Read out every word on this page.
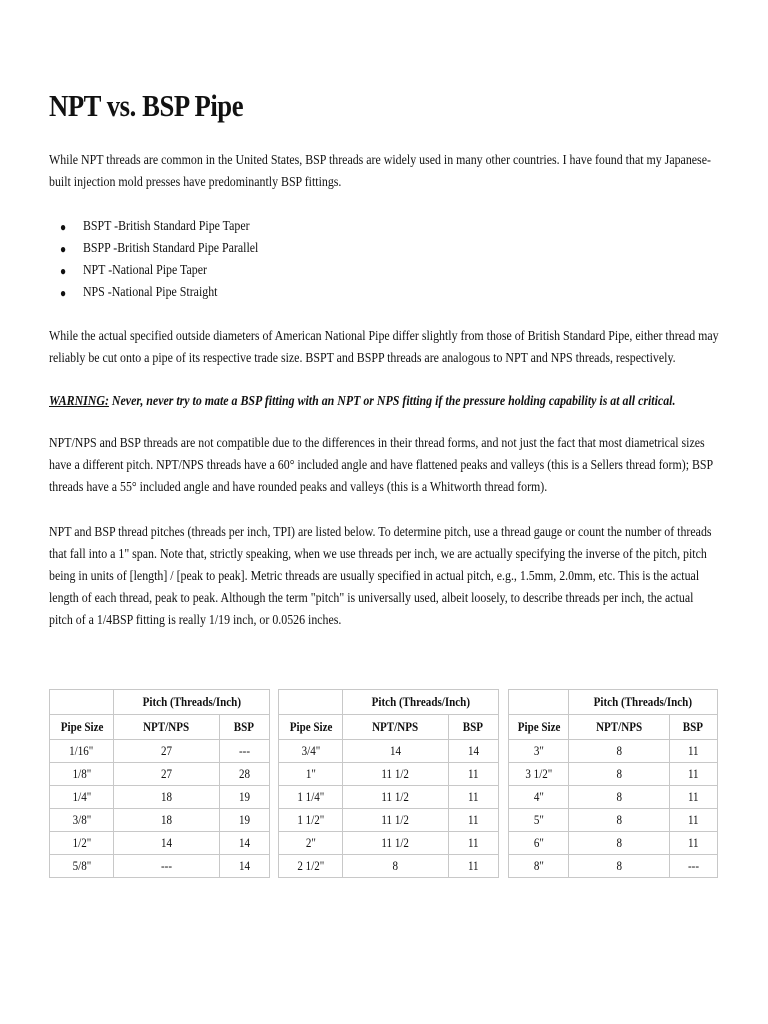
NPT vs. BSP Pipe

While NPT threads are common in the United States, BSP threads are widely used in many other countries. I have found that my Japanese-built injection mold presses have predominantly BSP fittings.

● BSPT -British Standard Pipe Taper
● BSPP -British Standard Pipe Parallel
● NPT -National Pipe Taper
● NPS -National Pipe Straight

While the actual specified outside diameters of American National Pipe differ slightly from those of British Standard Pipe, either thread may reliably be cut onto a pipe of its respective trade size. BSPT and BSPP threads are analogous to NPT and NPS threads, respectively.

WARNING: Never, never try to mate a BSP fitting with an NPT or NPS fitting if the pressure holding capability is at all critical.

NPT/NPS and BSP threads are not compatible due to the differences in their thread forms, and not just the fact that most diametrical sizes have a different pitch. NPT/NPS threads have a 60° included angle and have flattened peaks and valleys (this is a Sellers thread form); BSP threads have a 55° included angle and have rounded peaks and valleys (this is a Whitworth thread form).

NPT and BSP thread pitches (threads per inch, TPI) are listed below. To determine pitch, use a thread gauge or count the number of threads that fall into a 1" span. Note that, strictly speaking, when we use threads per inch, we are actually specifying the inverse of the pitch, pitch being in units of [length] / [peak to peak]. Metric threads are usually specified in actual pitch, e.g., 1.5mm, 2.0mm, etc. This is the actual length of each thread, peak to peak. Although the term "pitch" is universally used, albeit loosely, to describe threads per inch, the actual pitch of a 1/4BSP fitting is really 1/19 inch, or 0.0526 inches.

	Pitch (Threads/Inch)	
Pipe Size	NPT/NPS	BSP
1/16"	27	---
1/8"	27	28
1/4"	18	19
3/8"	18	19
1/2"	14	14
5/8"	---	14
	Pitch (Threads/Inch)	
Pipe Size	NPT/NPS	BSP
3/4"	14	14
1"	11 1/2	11
1 1/4"	11 1/2	11
1 1/2"	11 1/2	11
2"	11 1/2	11
2 1/2"	8	11
	Pitch (Threads/Inch)	
Pipe Size	NPT/NPS	BSP
3"	8	11
3 1/2"	8	11
4"	8	11
5"	8	11
6"	8	11
8"	8	---
